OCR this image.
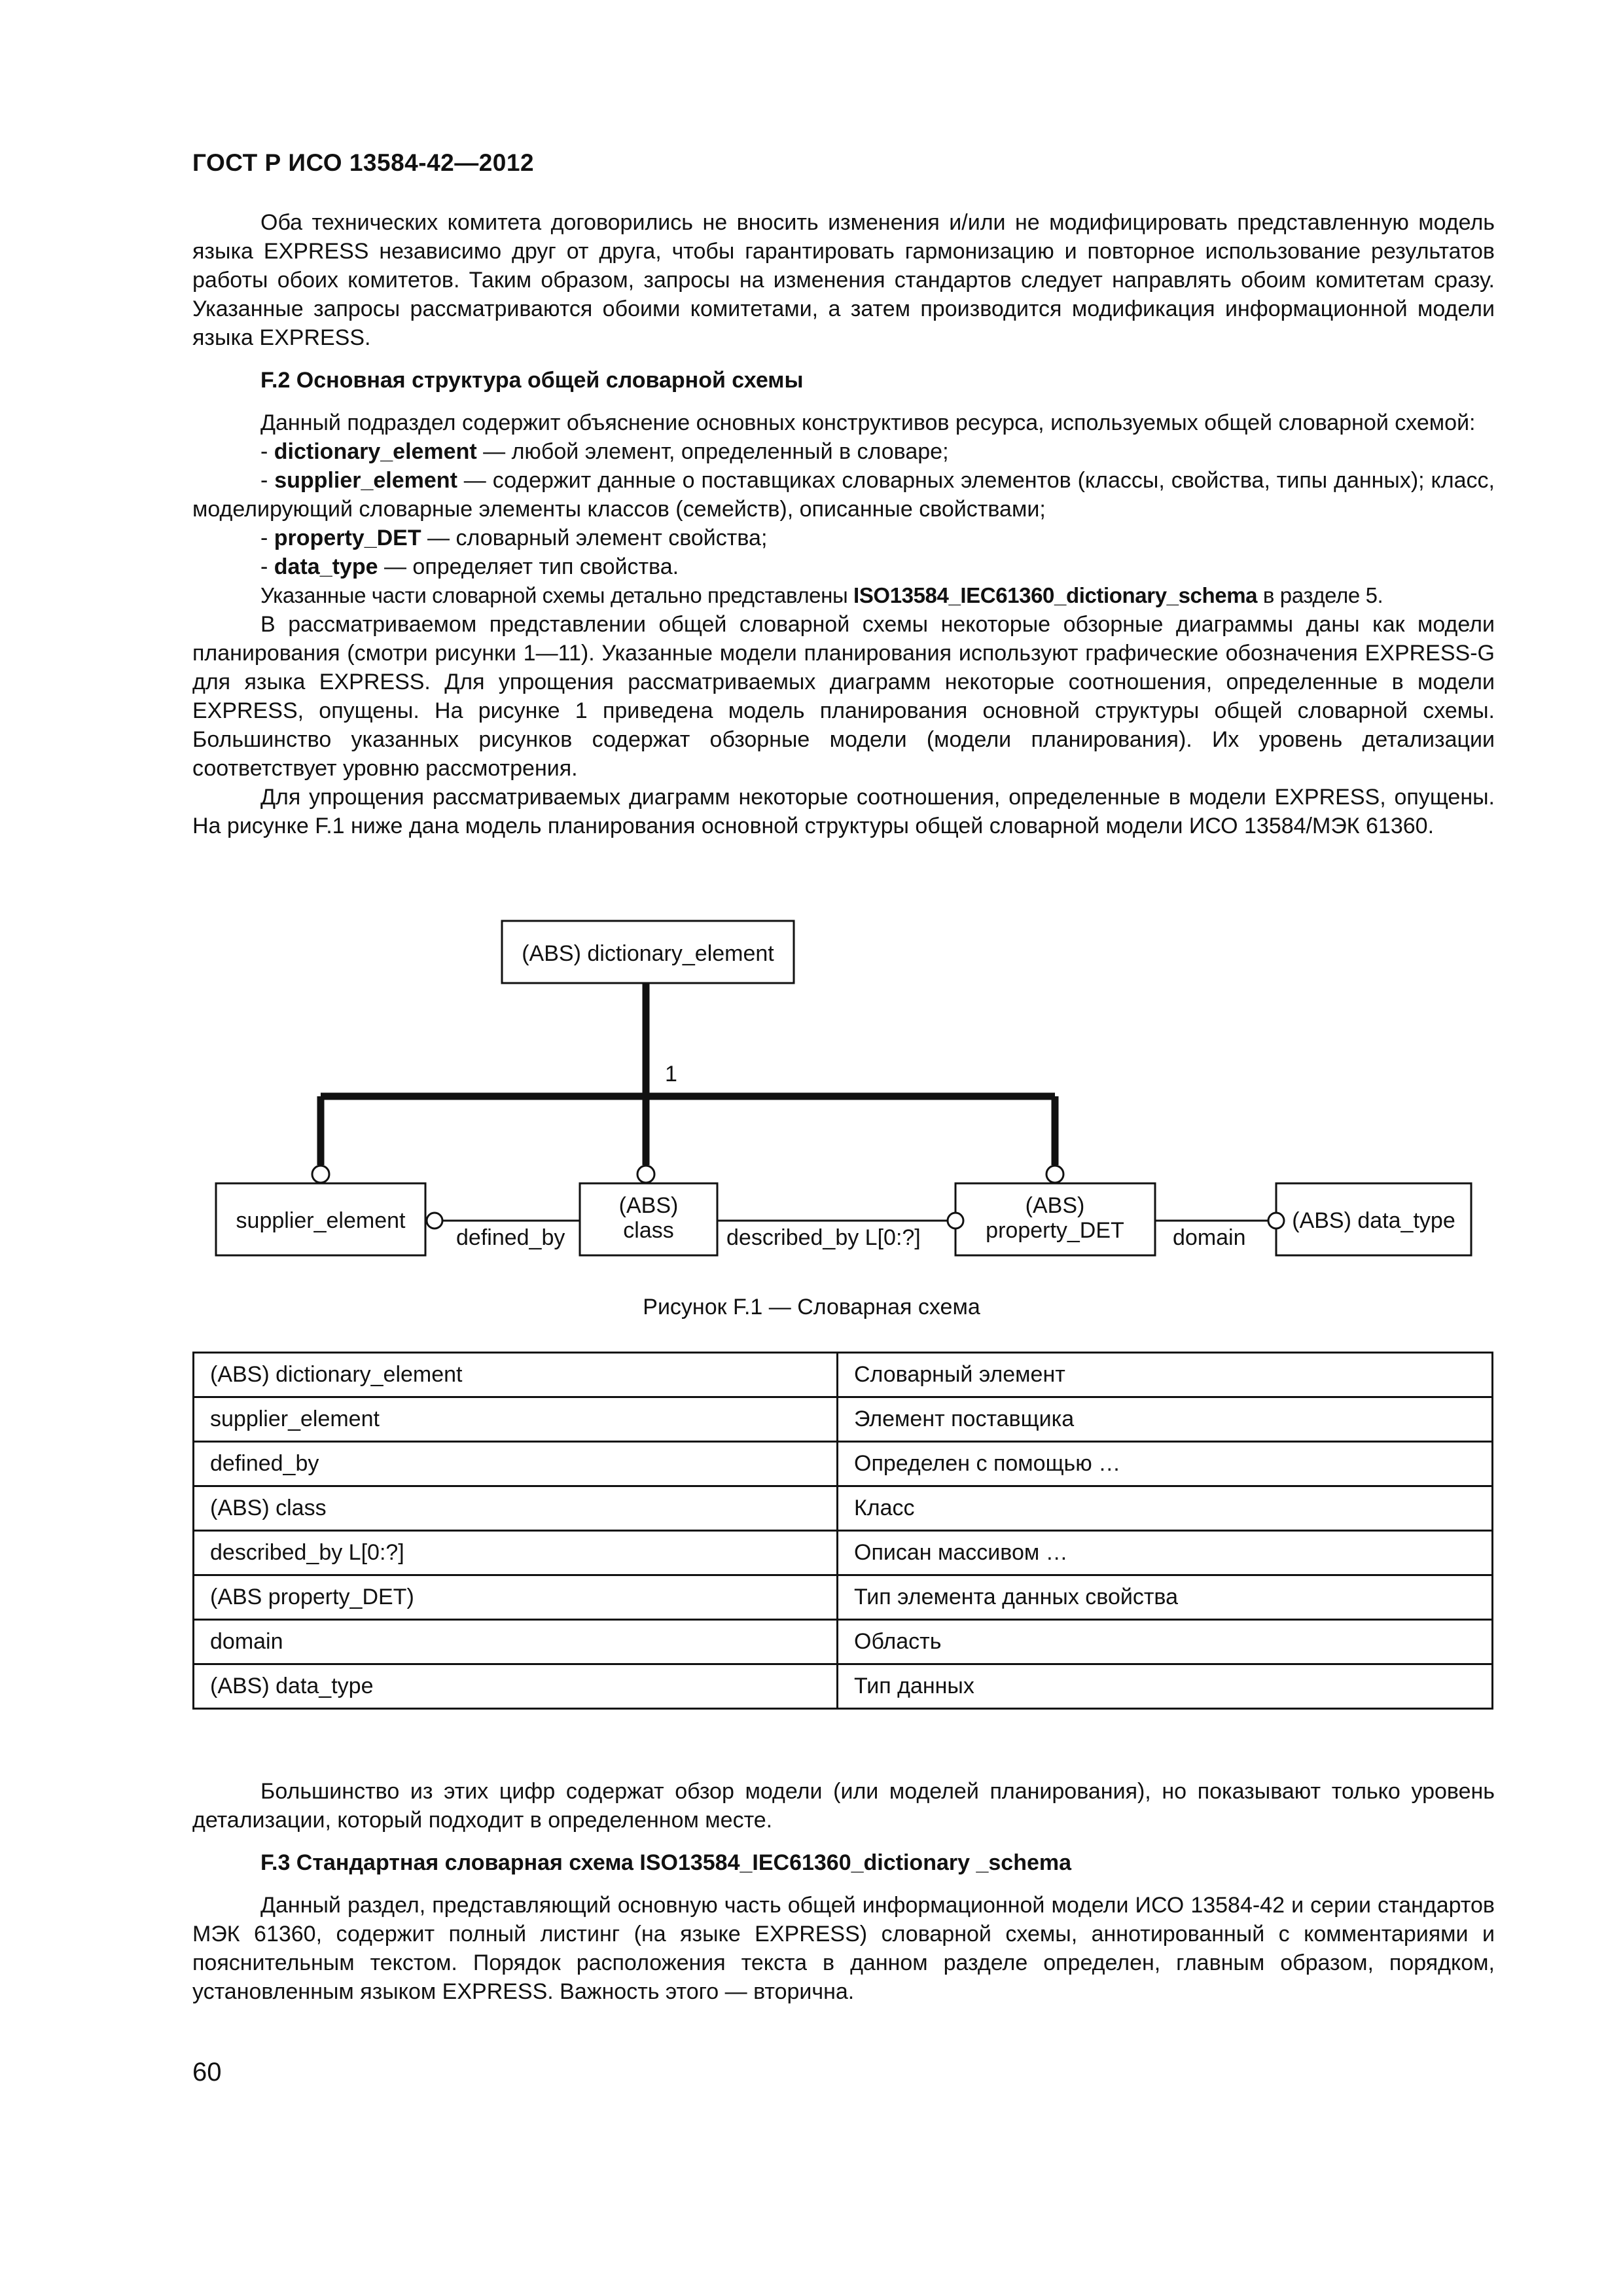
ГОСТ Р ИСО 13584-42—2012

Оба технических комитета договорились не вносить изменения и/или не модифицировать представленную модель языка EXPRESS независимо друг от друга, чтобы гарантировать гармонизацию и повторное использование результатов работы обоих комитетов. Таким образом, запросы на изменения стандартов следует направлять обоим комитетам сразу. Указанные запросы рассматриваются обоими комитетами, а затем производится модификация информационной модели языка EXPRESS.

F.2 Основная структура общей словарной схемы

Данный подраздел содержит объяснение основных конструктивов ресурса, используемых общей словарной схемой:

- dictionary_element — любой элемент, определенный в словаре;

- supplier_element — содержит данные о поставщиках словарных элементов (классы, свойства, типы данных); класс, моделирующий словарные элементы классов (семейств), описанные свойствами;

- property_DET — словарный элемент свойства;

- data_type — определяет тип свойства.

Указанные части словарной схемы детально представлены ISO13584_IEC61360_dictionary_schema в разделе 5.

В рассматриваемом представлении общей словарной схемы некоторые обзорные диаграммы даны как модели планирования (смотри рисунки 1—11). Указанные модели планирования используют графические обозначения EXPRESS-G для языка EXPRESS. Для упрощения рассматриваемых диаграмм некоторые соотношения, определенные в модели EXPRESS, опущены. На рисунке 1 приведена модель планирования основной структуры общей словарной схемы. Большинство указанных рисунков содержат обзорные модели (модели планирования). Их уровень детализации соответствует уровню рассмотрения.

Для упрощения рассматриваемых диаграмм некоторые соотношения, определенные в модели EXPRESS, опущены. На рисунке F.1 ниже дана модель планирования основной структуры общей словарной модели ИСО 13584/МЭК 61360.

(ABS) dictionary_element
1
supplier_element
(ABS)
class
(ABS)
property_DET	(ABS) data_type
defined_by	described_by L[0:?]	domain
Рисунок F.1 — Словарная схема
(ABS) dictionary_element	Словарный элемент
supplier_element	Элемент поставщика
defined_by	Определен с помощью …
(ABS) class	Класс
described_by L[0:?]	Описан массивом …
(ABS property_DET)	Тип элемента данных свойства
domain	Область
(ABS) data_type	Тип данных

Большинство из этих цифр содержат обзор модели (или моделей планирования), но показывают только уровень детализации, который подходит в определенном месте.

F.3 Стандартная словарная схема ISO13584_IEC61360_dictionary _schema

Данный раздел, представляющий основную часть общей информационной модели ИСО 13584-42 и серии стандартов МЭК 61360, содержит полный листинг (на языке EXPRESS) словарной схемы, аннотированный с комментариями и пояснительным текстом. Порядок расположения текста в данном разделе определен, главным образом, порядком, установленным языком EXPRESS. Важность этого — вторична.

60
